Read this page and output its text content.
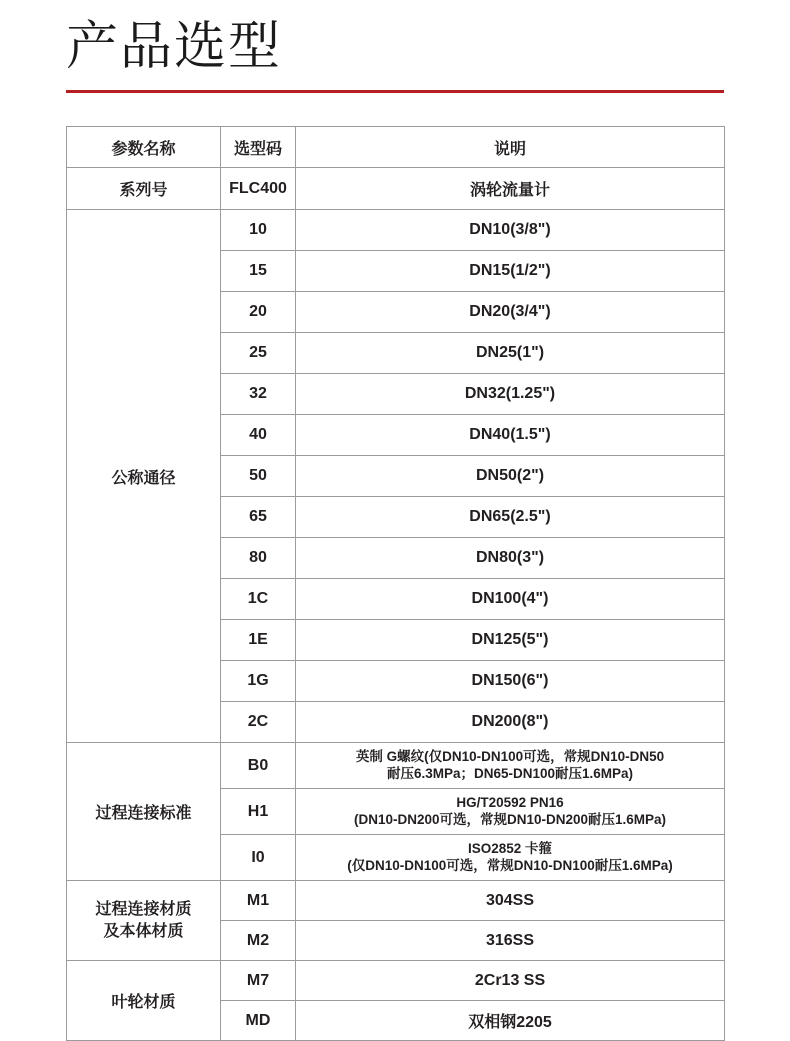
产品选型
参数名称	选型码	说明
系列号	FLC400	涡轮流量计
公称通径	10	DN10(3/8")
	15	DN15(1/2")
	20	DN20(3/4")
	25	DN25(1")
	32	DN32(1.25")
	40	DN40(1.5")
	50	DN50(2")
	65	DN65(2.5")
	80	DN80(3")
	1C	DN100(4")
	1E	DN125(5")
	1G	DN150(6")
	2C	DN200(8")
过程连接标准	B0	英制 G螺纹(仅DN10-DN100可选，常规DN10-DN50
耐压6.3MPa；DN65-DN100耐压1.6MPa)

	H1	HG/T20592 PN16
(DN10-DN200可选，常规DN10-DN200耐压1.6MPa)

	I0	ISO2852 卡箍
(仅DN10-DN100可选，常规DN10-DN100耐压1.6MPa)

过程连接材质
及本体材质	M1	304SS
	M2	316SS
叶轮材质	M7	2Cr13 SS
	MD	双相钢2205
